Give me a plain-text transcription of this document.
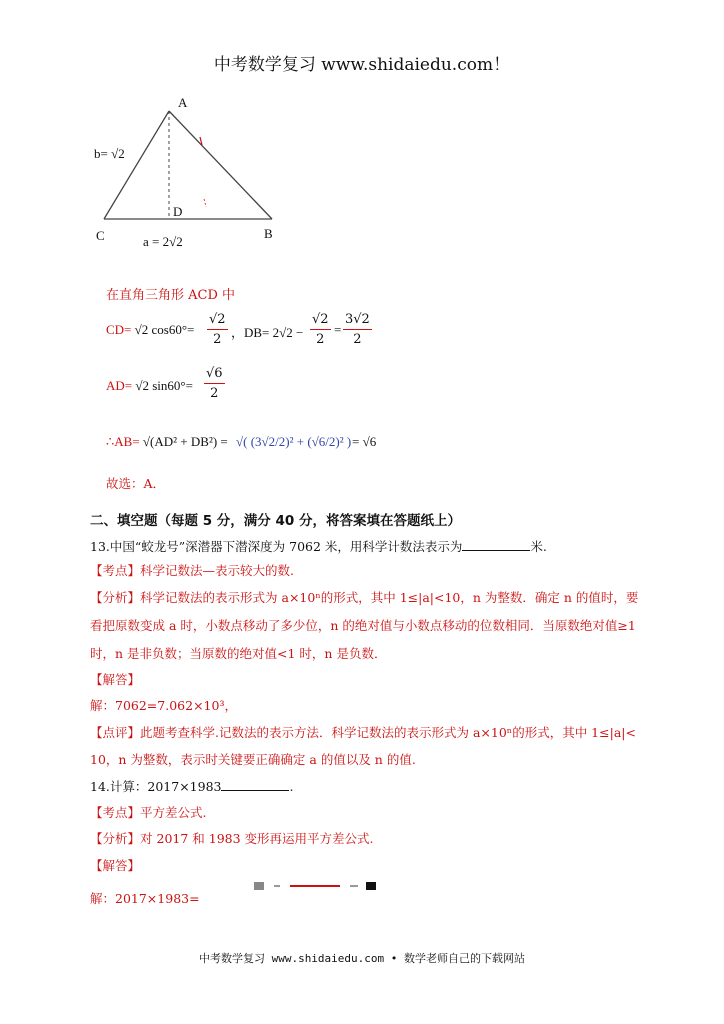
中考数学复习 www.shidaiedu.com！
A
b= √2
D
C	B
a = 2√2
在直角三角形 ACD 中
CD= √2 $\cos 60^\circ= \frac{√2}{2}$ ，$DB= 2√2 - \frac{√2}{2} = \frac{3√2}{2}$
AD= √2 $\sin 60^\circ= \frac{√6}{2}$
∴AB= √(AD² + DB²) = √( (3√2/2)² + (√6/2)² ) = √6
故选：A．
二、填空题（每题 5 分，满分 40 分，将答案填在答题纸上）
13.中国“蛟龙号”深潜器下潜深度为 7062 米，用科学计数法表示为	米.
【考点】科学记数法—表示较大的数.
【分析】科学记数法的表示形式为 a×10ⁿ的形式，其中 1≤|a|<10，n 为整数．确定 n 的值时，要
看把原数变成 a 时，小数点移动了多少位，n 的绝对值与小数点移动的位数相同．当原数绝对值≥1
时，n 是非负数；当原数的绝对值<1 时，n 是负数．
【解答】
解：7062=7.062×10³，
【点评】此题考查科学.记数法的表示方法．科学记数法的表示形式为 a×10ⁿ的形式，其中 1≤|a|<
10，n 为整数，表示时关键要正确确定 a 的值以及 n 的值.
14.计算：2017×1983	.
【考点】平方差公式.
【分析】对 2017 和 1983 变形再运用平方差公式.
【解答】
解：2017×1983=
中考数学复习 www.shidaiedu.com • 数学老师自己的下载网站
